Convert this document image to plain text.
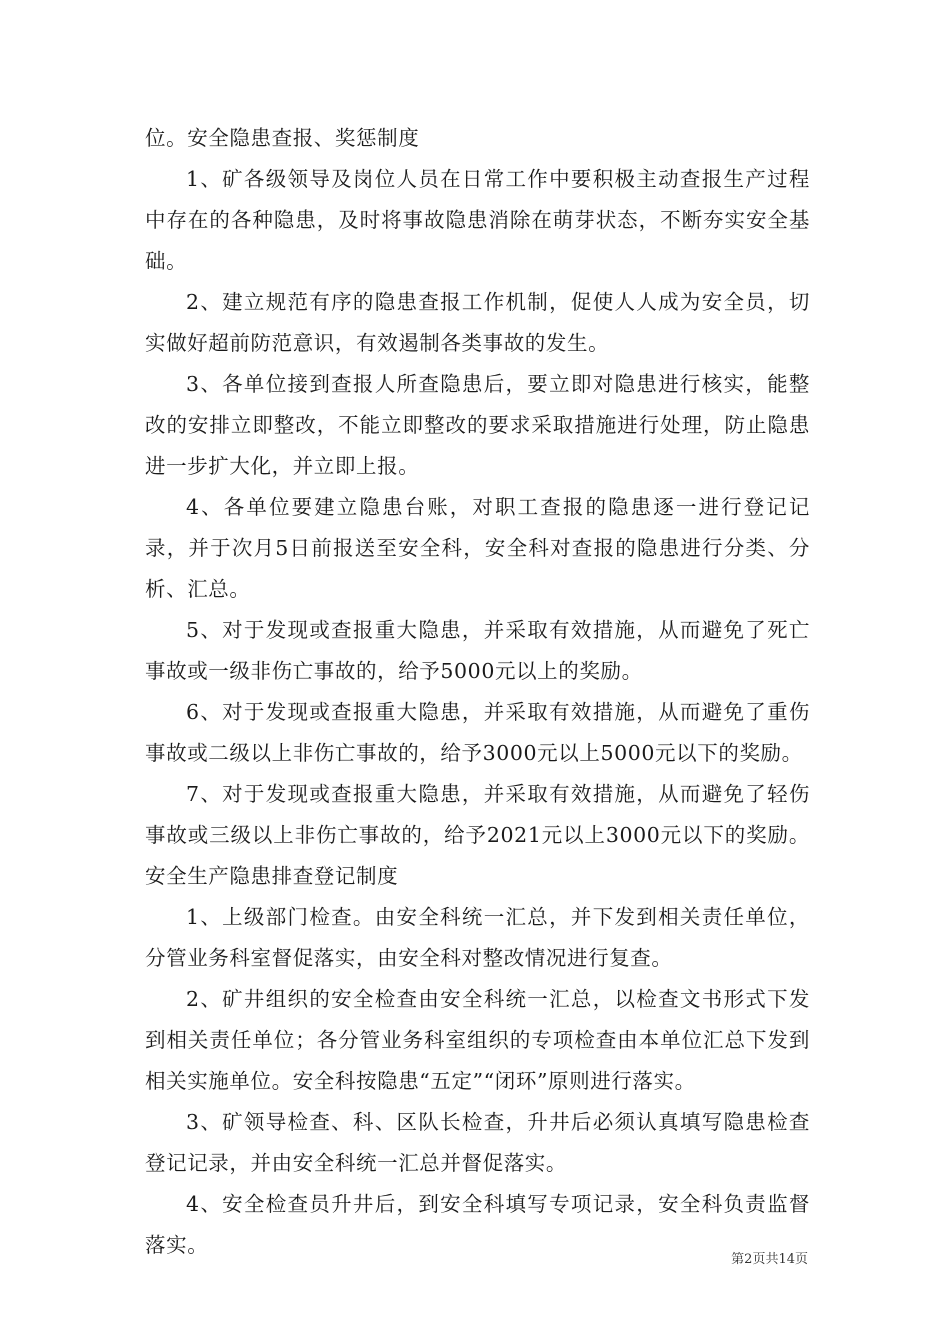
位。安全隐患查报、奖惩制度

1、矿各级领导及岗位人员在日常工作中要积极主动查报生产过程中存在的各种隐患，及时将事故隐患消除在萌芽状态，不断夯实安全基础。

2、建立规范有序的隐患查报工作机制，促使人人成为安全员，切实做好超前防范意识，有效遏制各类事故的发生。

3、各单位接到查报人所查隐患后，要立即对隐患进行核实，能整改的安排立即整改，不能立即整改的要求采取措施进行处理，防止隐患进一步扩大化，并立即上报。

4、各单位要建立隐患台账，对职工查报的隐患逐一进行登记记录，并于次月5日前报送至安全科，安全科对查报的隐患进行分类、分析、汇总。

5、对于发现或查报重大隐患，并采取有效措施，从而避免了死亡事故或一级非伤亡事故的，给予5000元以上的奖励。

6、对于发现或查报重大隐患，并采取有效措施，从而避免了重伤事故或二级以上非伤亡事故的，给予3000元以上5000元以下的奖励。

7、对于发现或查报重大隐患，并采取有效措施，从而避免了轻伤事故或三级以上非伤亡事故的，给予2021元以上3000元以下的奖励。安全生产隐患排查登记制度

1、上级部门检查。由安全科统一汇总，并下发到相关责任单位，分管业务科室督促落实，由安全科对整改情况进行复查。

2、矿井组织的安全检查由安全科统一汇总，以检查文书形式下发到相关责任单位；各分管业务科室组织的专项检查由本单位汇总下发到相关实施单位。安全科按隐患“五定”“闭环”原则进行落实。

3、矿领导检查、科、区队长检查，升井后必须认真填写隐患检查登记记录，并由安全科统一汇总并督促落实。

4、安全检查员升井后，到安全科填写专项记录，安全科负责监督落实。

第2页共14页
